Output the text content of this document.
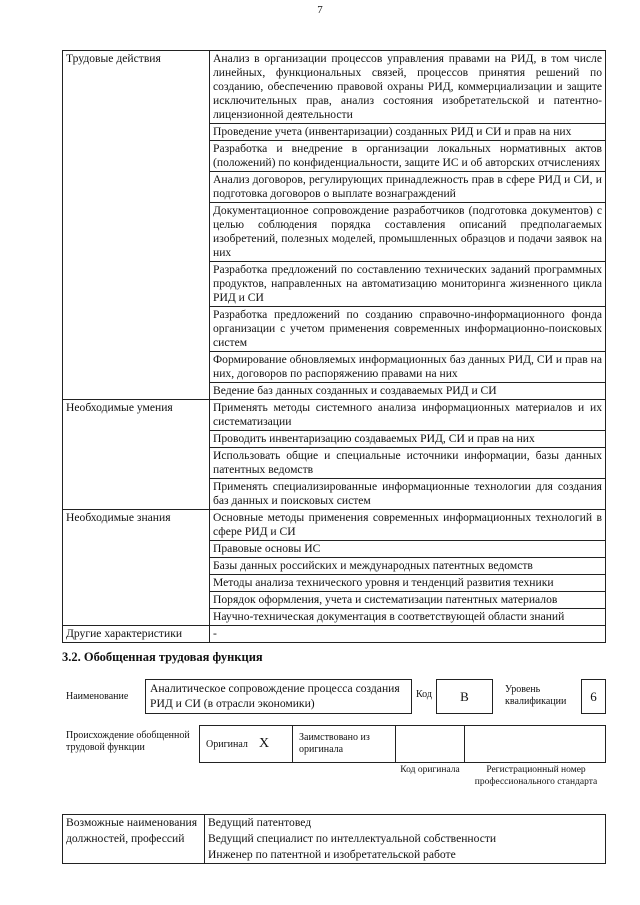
7
Трудовые действия	Анализ в организации процессов управления правами на РИД, в том числе линейных, функциональных связей, процессов принятия решений по созданию, обеспечению правовой охраны РИД, коммерциализации и защите исключительных прав, анализ состояния изобретательской и патентно-лицензионной деятельности
	Проведение учета (инвентаризации) созданных РИД и СИ и прав на них
	Разработка и внедрение в организации локальных нормативных актов (положений) по конфиденциальности, защите ИС и об авторских отчислениях
	Анализ договоров, регулирующих принадлежность прав в сфере РИД и СИ, и подготовка договоров о выплате вознаграждений
	Документационное сопровождение разработчиков (подготовка документов) с целью соблюдения порядка составления описаний предполагаемых изобретений, полезных моделей, промышленных образцов и подачи заявок на них
	Разработка предложений по составлению технических заданий программных продуктов, направленных на автоматизацию мониторинга жизненного цикла РИД и СИ
	Разработка предложений по созданию справочно-информационного фонда организации с учетом применения современных информационно-поисковых систем
	Формирование обновляемых информационных баз данных РИД, СИ и прав на них, договоров по распоряжению правами на них
	Ведение баз данных созданных и создаваемых РИД и СИ
Необходимые умения	Применять методы системного анализа информационных материалов и их систематизации
	Проводить инвентаризацию создаваемых РИД, СИ и прав на них
	Использовать общие и специальные источники информации, базы данных патентных ведомств
	Применять специализированные информационные технологии для создания баз данных и поисковых систем
Необходимые знания	Основные методы применения современных информационных технологий в сфере РИД и СИ
	Правовые основы ИС
	Базы данных российских и международных патентных ведомств
	Методы анализа технического уровня и тенденций развития техники
	Порядок оформления, учета и систематизации патентных материалов
	Научно-техническая документация в соответствующей области знаний
Другие характеристики	-
3.2. Обобщенная трудовая функция
Наименование
Аналитическое сопровождение процесса создания РИД и СИ (в отрасли экономики)
Код	B	Уровень квалификации	6
Происхождение обобщенной трудовой функции	Оригинал X	Заимствовано из оригинала
Код оригинала	Регистрационный номер профессионального стандарта
Возможные наименования должностей, профессий	Ведущий патентовед
Ведущий специалист по интеллектуальной собственности
Инженер по патентной и изобретательской работе
